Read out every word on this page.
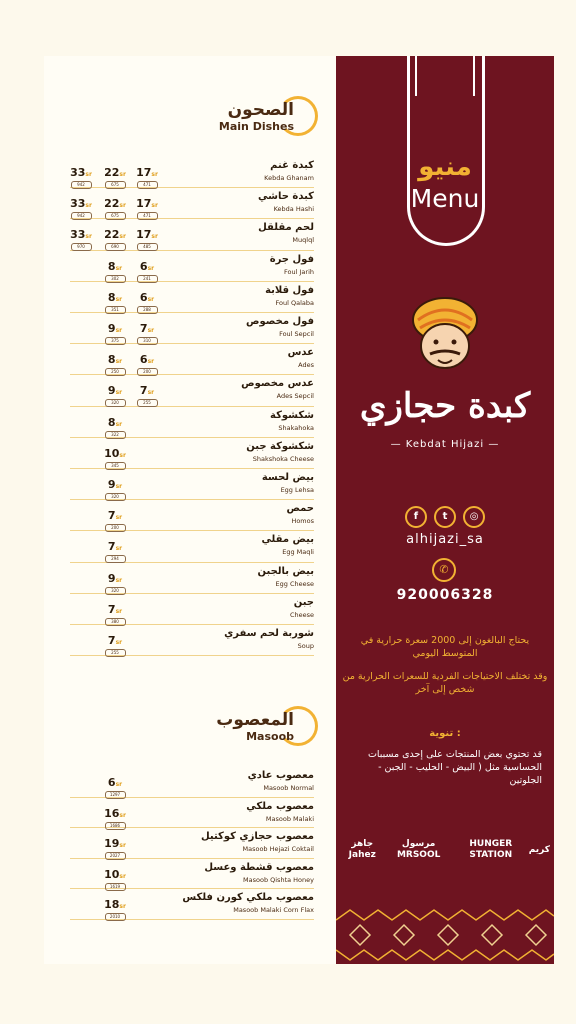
الصحون
Main Dishes
كبدة غنم
Kebda Ghanam
33sr
942
22sr
675
17sr
471
كبدة حاشي
Kebda Hashi
33sr
942
22sr
675
17sr
471
لحم مقلقل
Muqlql
33sr
970
22sr
690
17sr
485
فول جرة
Foul Jarih
8sr
302
6sr
241
فول قلابة
Foul Qalaba
8sr
351
6sr
288
فول مخصوص
Foul Sepcil
9sr
375
7sr
310
عدس
Ades
8sr
250
6sr
200
عدس مخصوص
Ades Sepcil
9sr
320
7sr
255
شكشوكة
Shakahoka
8sr
322
شكشوكة جبن
Shakshoka Cheese
10sr
345
بيض لحسة
Egg Lehsa
9sr
320
حمص
Homos
7sr
200
بيض مقلي
Egg Maqli
7sr
294
بيض بالجبن
Egg Cheese
9sr
320
جبن
Cheese
7sr
380
شوربة لحم سفري
Soup
7sr
255
المعصوب
Masoob
معصوب عادي
Masoob Normal
6sr
1297
معصوب ملكي
Masoob Malaki
16sr
1686
معصوب حجازي كوكتيل
Masoob Hejazi Coktail
19sr
2027
معصوب قشطة وعسل
Masoob Qishta Honey
10sr
1619
معصوب ملكي كورن فلكس
Masoob Malaki Corn Flax
18sr
2010
منيو
Menu
كبدة حجازي
— Kebdat Hijazi —
f t ◎
alhijazi_sa
✆
920006328
يحتاج البالغون إلى 2000 سعرة حرارية في المتوسط اليومي
وقد تختلف الاحتياجات الفردية للسعرات الحرارية من شخص إلى آخر
تنوية :
قد تحتوي بعض المنتجات على إحدى مسببات الحساسية مثل ( البيض - الحليب - الجبن - الجلوتين
جاهز Jahez
مرسول MRSOOL
HUNGER STATION
كريم
